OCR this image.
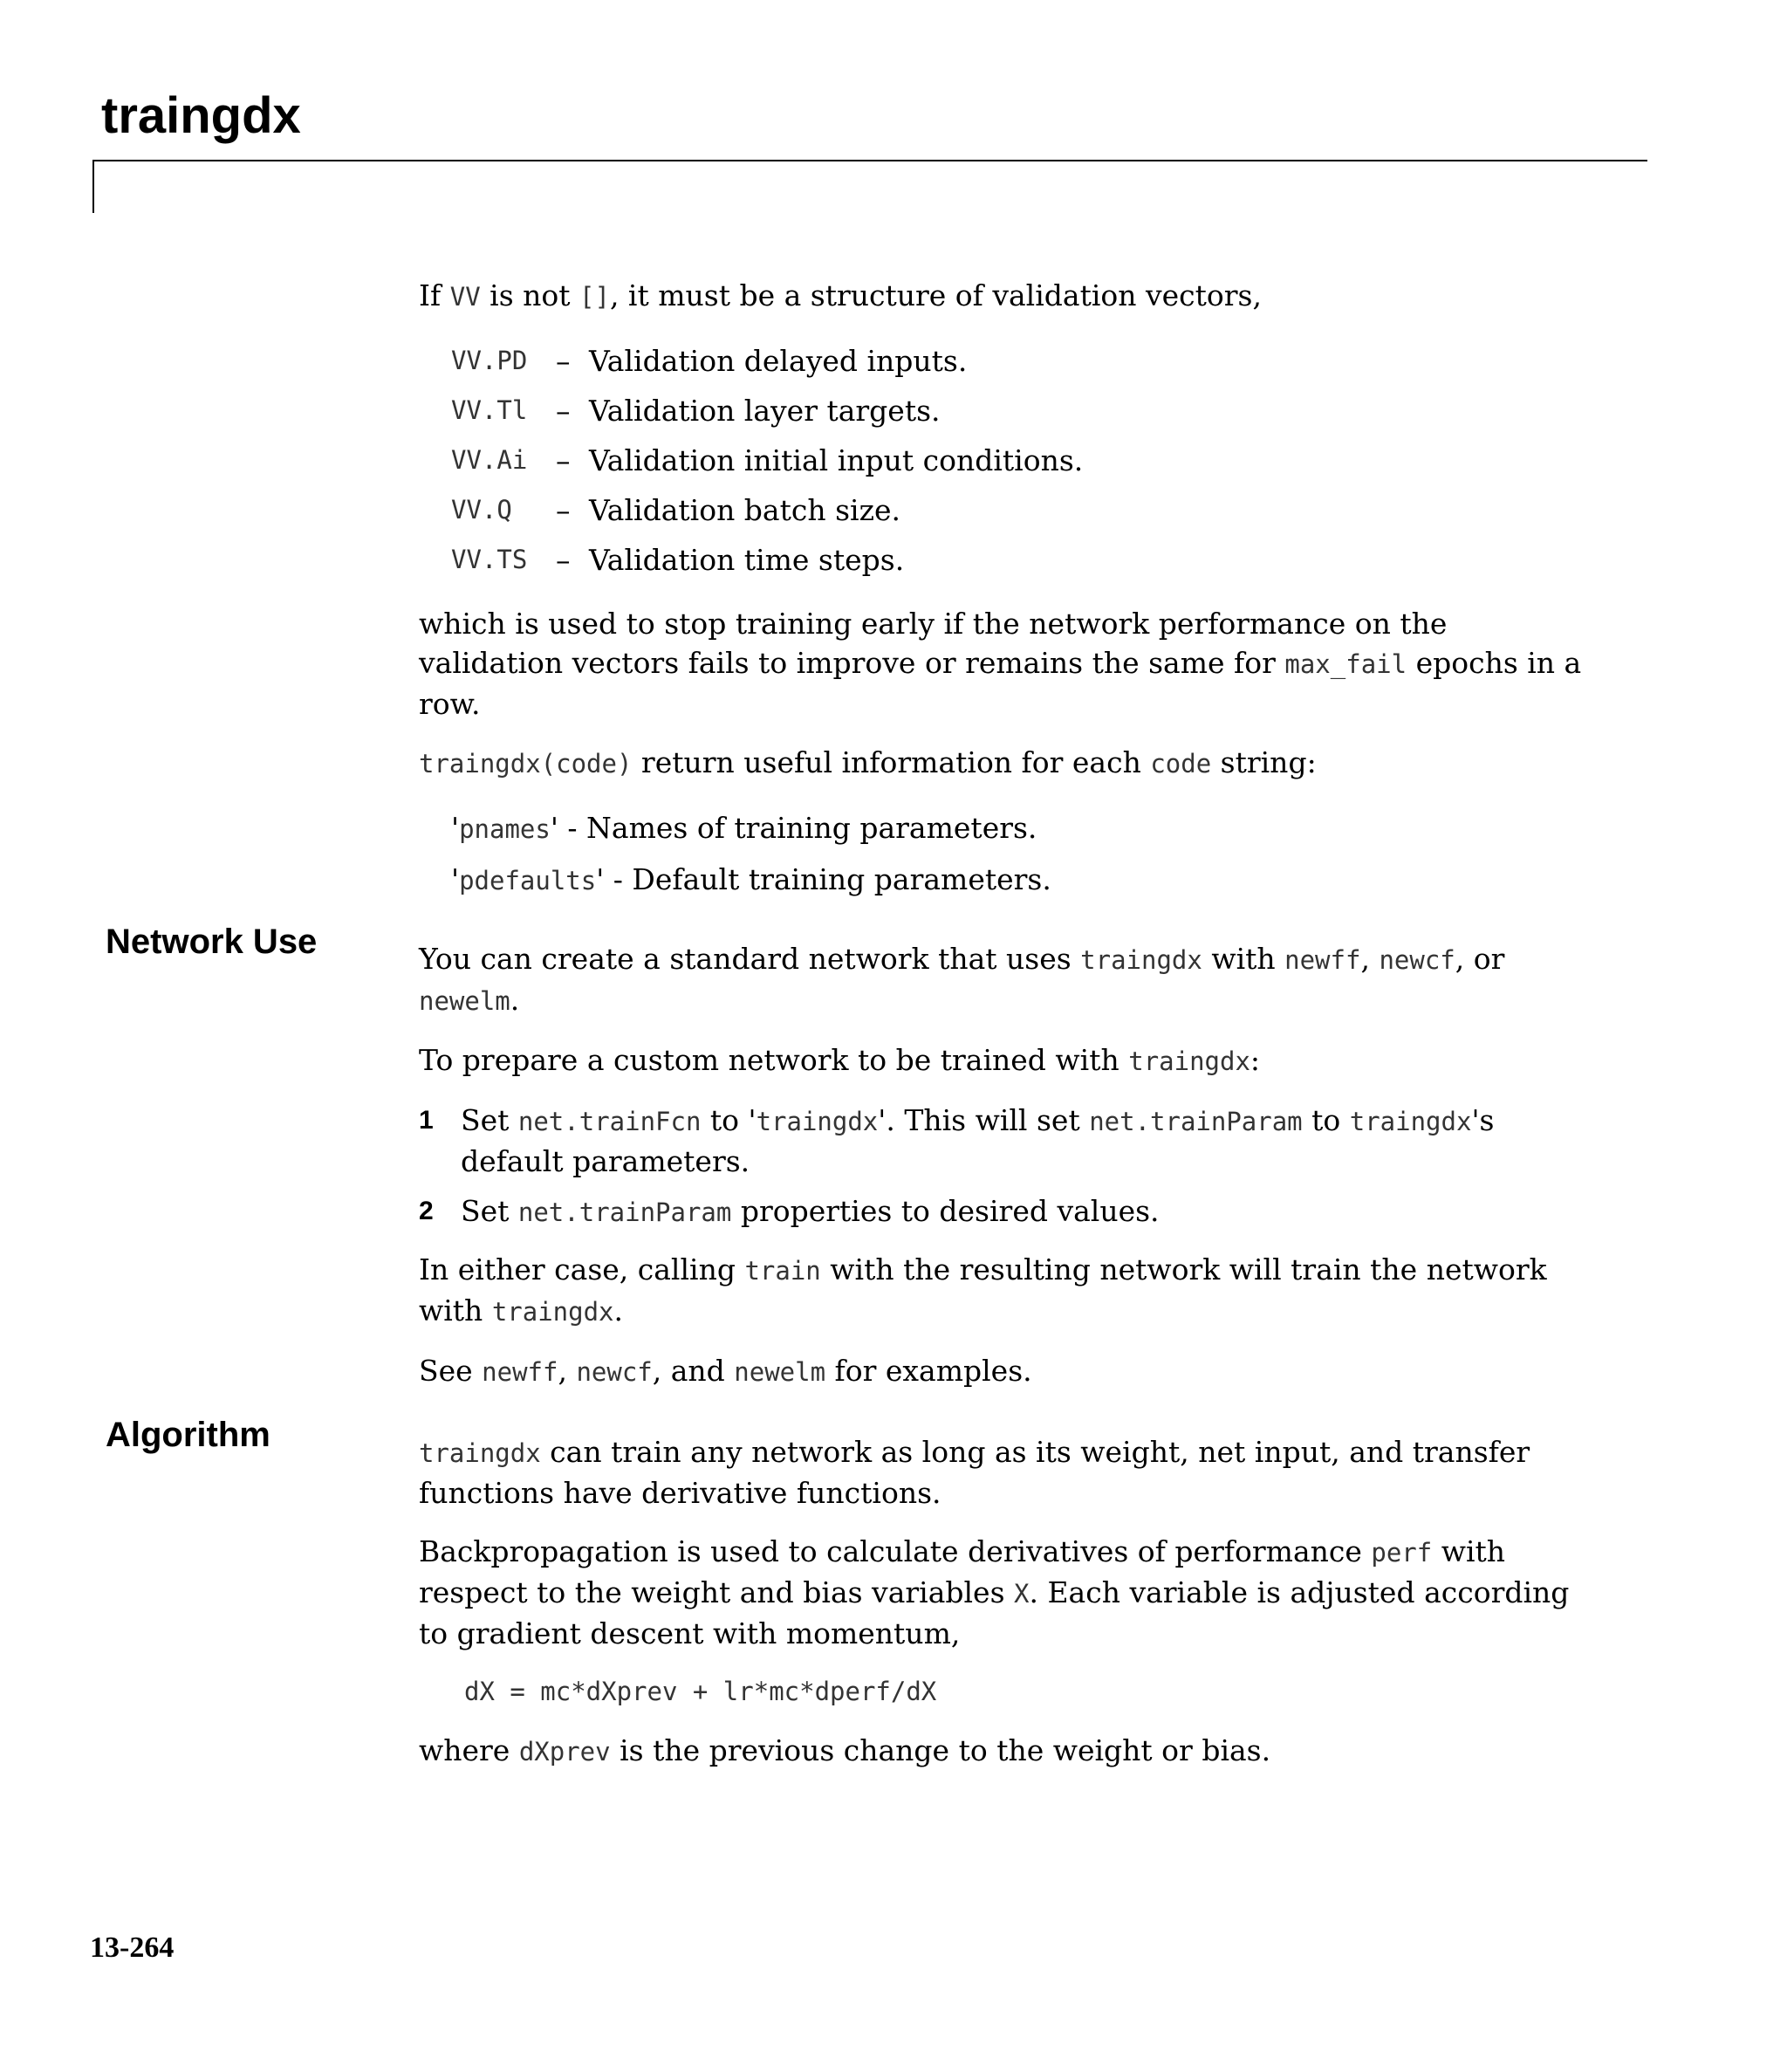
traingdx
Network Use
Algorithm

If VV is not [], it must be a structure of validation vectors,

VV.PD – Validation delayed inputs.
VV.Tl – Validation layer targets.
VV.Ai – Validation initial input conditions.
VV.Q	– Validation batch size.
VV.TS – Validation time steps.

which is used to stop training early if the network performance on the validation vectors fails to improve or remains the same for max_fail epochs in a row.

traingdx(code) return useful information for each code string:

'pnames' - Names of training parameters.
'pdefaults' - Default training parameters.

You can create a standard network that uses traingdx with newff, newcf, or newelm.

To prepare a custom network to be trained with traingdx:

1 Set net.trainFcn to 'traingdx'. This will set net.trainParam to traingdx's default parameters.
2 Set net.trainParam properties to desired values.

In either case, calling train with the resulting network will train the network with traingdx.

See newff, newcf, and newelm for examples.

traingdx can train any network as long as its weight, net input, and transfer functions have derivative functions.

Backpropagation is used to calculate derivatives of performance perf with respect to the weight and bias variables X. Each variable is adjusted according to gradient descent with momentum,

dX = mc*dXprev + lr*mc*dperf/dX

where dXprev is the previous change to the weight or bias.

13-264
